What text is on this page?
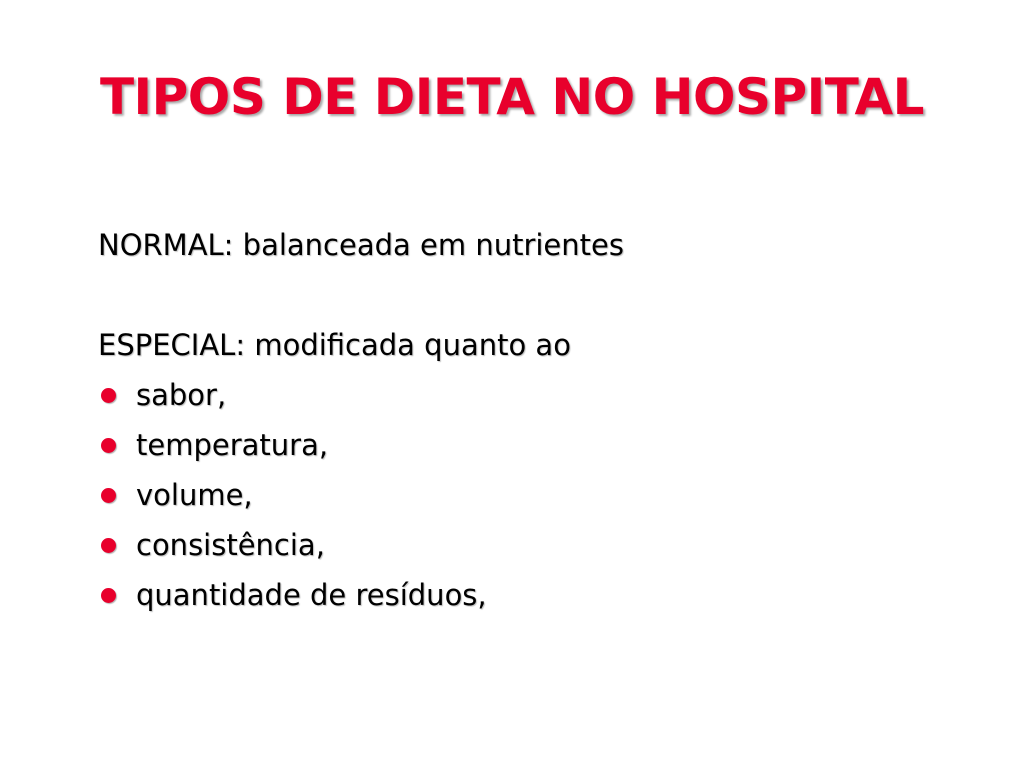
TIPOS DE DIETA NO HOSPITAL

NORMAL: balanceada em nutrientes

ESPECIAL: modificada quanto ao

sabor,
temperatura,
volume,
consistência,
quantidade de resíduos,
